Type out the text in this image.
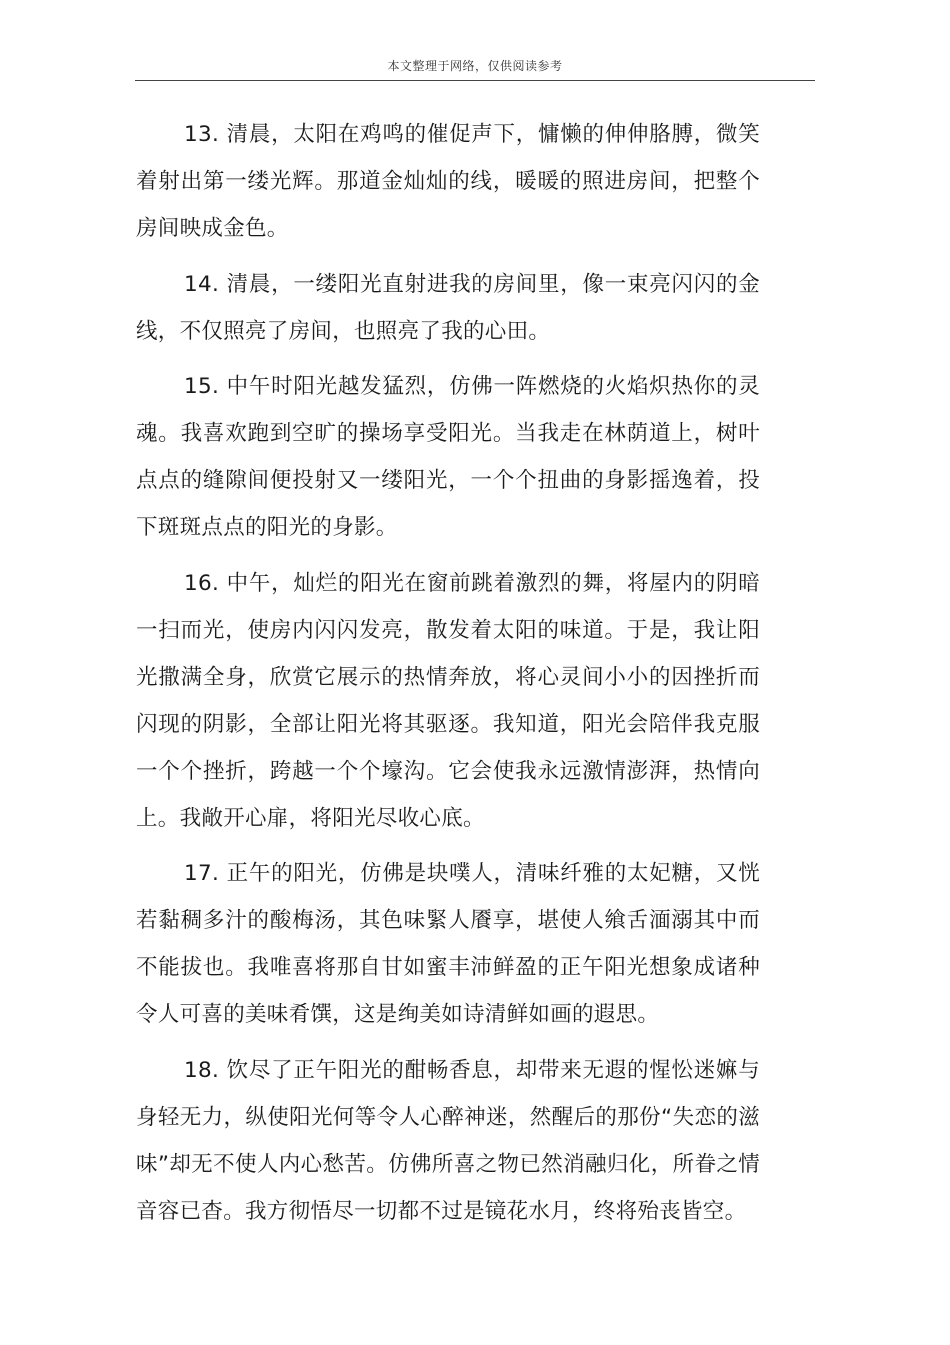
本文整理于网络，仅供阅读参考

13. 清晨，太阳在鸡鸣的催促声下，慵懒的伸伸胳膊，微笑着射出第一缕光辉。那道金灿灿的线，暖暖的照进房间，把整个房间映成金色。

14. 清晨，一缕阳光直射进我的房间里，像一束亮闪闪的金线，不仅照亮了房间，也照亮了我的心田。

15. 中午时阳光越发猛烈，仿佛一阵燃烧的火焰炽热你的灵魂。我喜欢跑到空旷的操场享受阳光。当我走在林荫道上，树叶点点的缝隙间便投射又一缕阳光，一个个扭曲的身影摇逸着，投下斑斑点点的阳光的身影。

16. 中午，灿烂的阳光在窗前跳着激烈的舞，将屋内的阴暗一扫而光，使房内闪闪发亮，散发着太阳的味道。于是，我让阳光撒满全身，欣赏它展示的热情奔放，将心灵间小小的因挫折而闪现的阴影，全部让阳光将其驱逐。我知道，阳光会陪伴我克服一个个挫折，跨越一个个壕沟。它会使我永远激情澎湃，热情向上。我敞开心扉，将阳光尽收心底。

17. 正午的阳光，仿佛是块噗人，清味纤雅的太妃糖，又恍若黏稠多汁的酸梅汤，其色味緊人餍享，堪使人飨舌湎溺其中而不能拔也。我唯喜将那自甘如蜜丰沛鲜盈的正午阳光想象成诸种令人可喜的美味肴馔，这是绚美如诗清鲜如画的遐思。

18. 饮尽了正午阳光的酣畅香息，却带来无遐的惺忪迷嫲与身轻无力，纵使阳光何等令人心醉神迷，然醒后的那份“失恋的滋味”却无不使人内心愁苦。仿佛所喜之物已然消融归化，所眷之情音容已杳。我方彻悟尽一切都不过是镜花水月，终将殆丧皆空。
